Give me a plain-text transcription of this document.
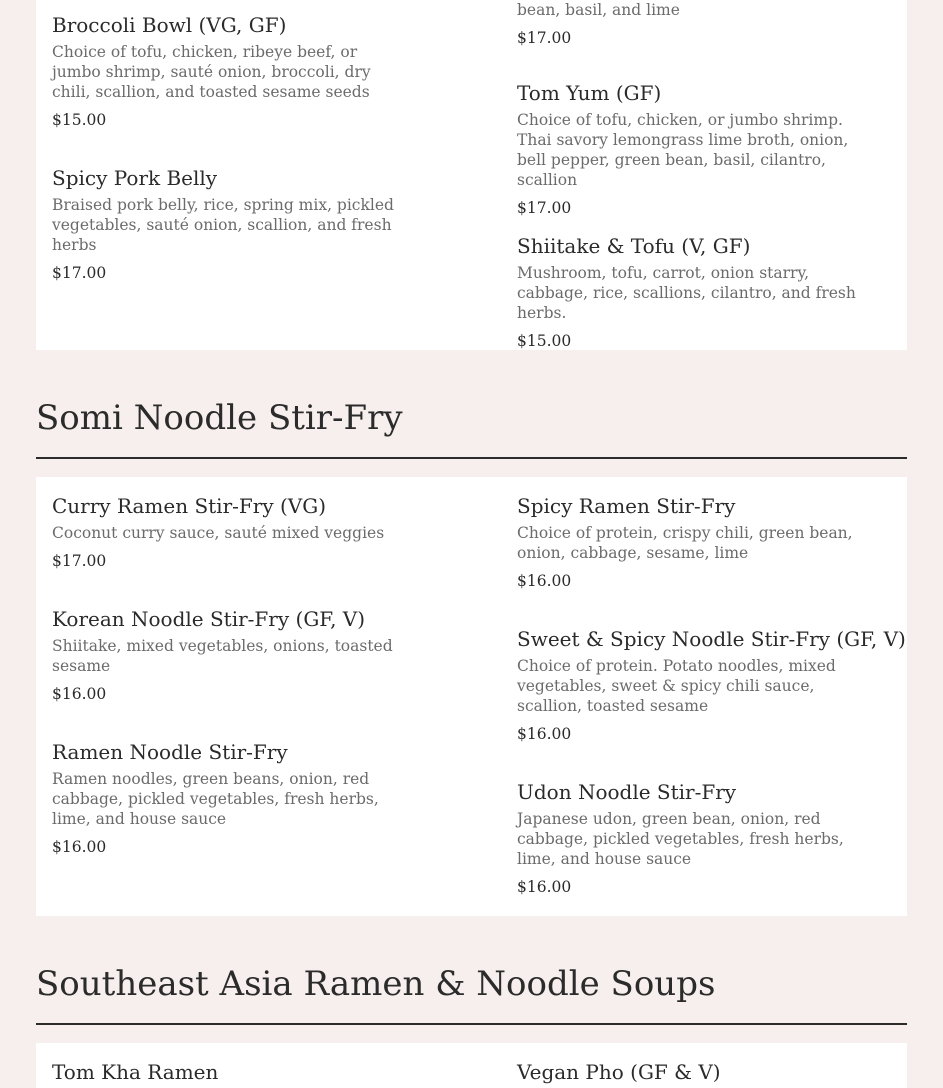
Broccoli Bowl (VG, GF)

Choice of tofu, chicken, ribeye beef, or jumbo shrimp, sauté onion, broccoli, dry chili, scallion, and toasted sesame seeds

$15.00

Spicy Pork Belly

Braised pork belly, rice, spring mix, pickled vegetables, sauté onion, scallion, and fresh herbs

$17.00

bean, basil, and lime

$17.00

Tom Yum (GF)

Choice of tofu, chicken, or jumbo shrimp. Thai savory lemongrass lime broth, onion, bell pepper, green bean, basil, cilantro, scallion

$17.00

Shiitake & Tofu (V, GF)

Mushroom, tofu, carrot, onion starry, cabbage, rice, scallions, cilantro, and fresh herbs.

$15.00

Somi Noodle Stir-Fry

Curry Ramen Stir-Fry (VG)

Coconut curry sauce, sauté mixed veggies

$17.00

Korean Noodle Stir-Fry (GF, V)

Shiitake, mixed vegetables, onions, toasted sesame

$16.00

Ramen Noodle Stir-Fry

Ramen noodles, green beans, onion, red cabbage, pickled vegetables, fresh herbs, lime, and house sauce

$16.00

Spicy Ramen Stir-Fry

Choice of protein, crispy chili, green bean, onion, cabbage, sesame, lime

$16.00

Sweet & Spicy Noodle Stir-Fry (GF, V)

Choice of protein. Potato noodles, mixed vegetables, sweet & spicy chili sauce, scallion, toasted sesame

$16.00

Udon Noodle Stir-Fry

Japanese udon, green bean, onion, red cabbage, pickled vegetables, fresh herbs, lime, and house sauce

$16.00

Southeast Asia Ramen & Noodle Soups

Tom Kha Ramen	Vegan Pho (GF & V)
